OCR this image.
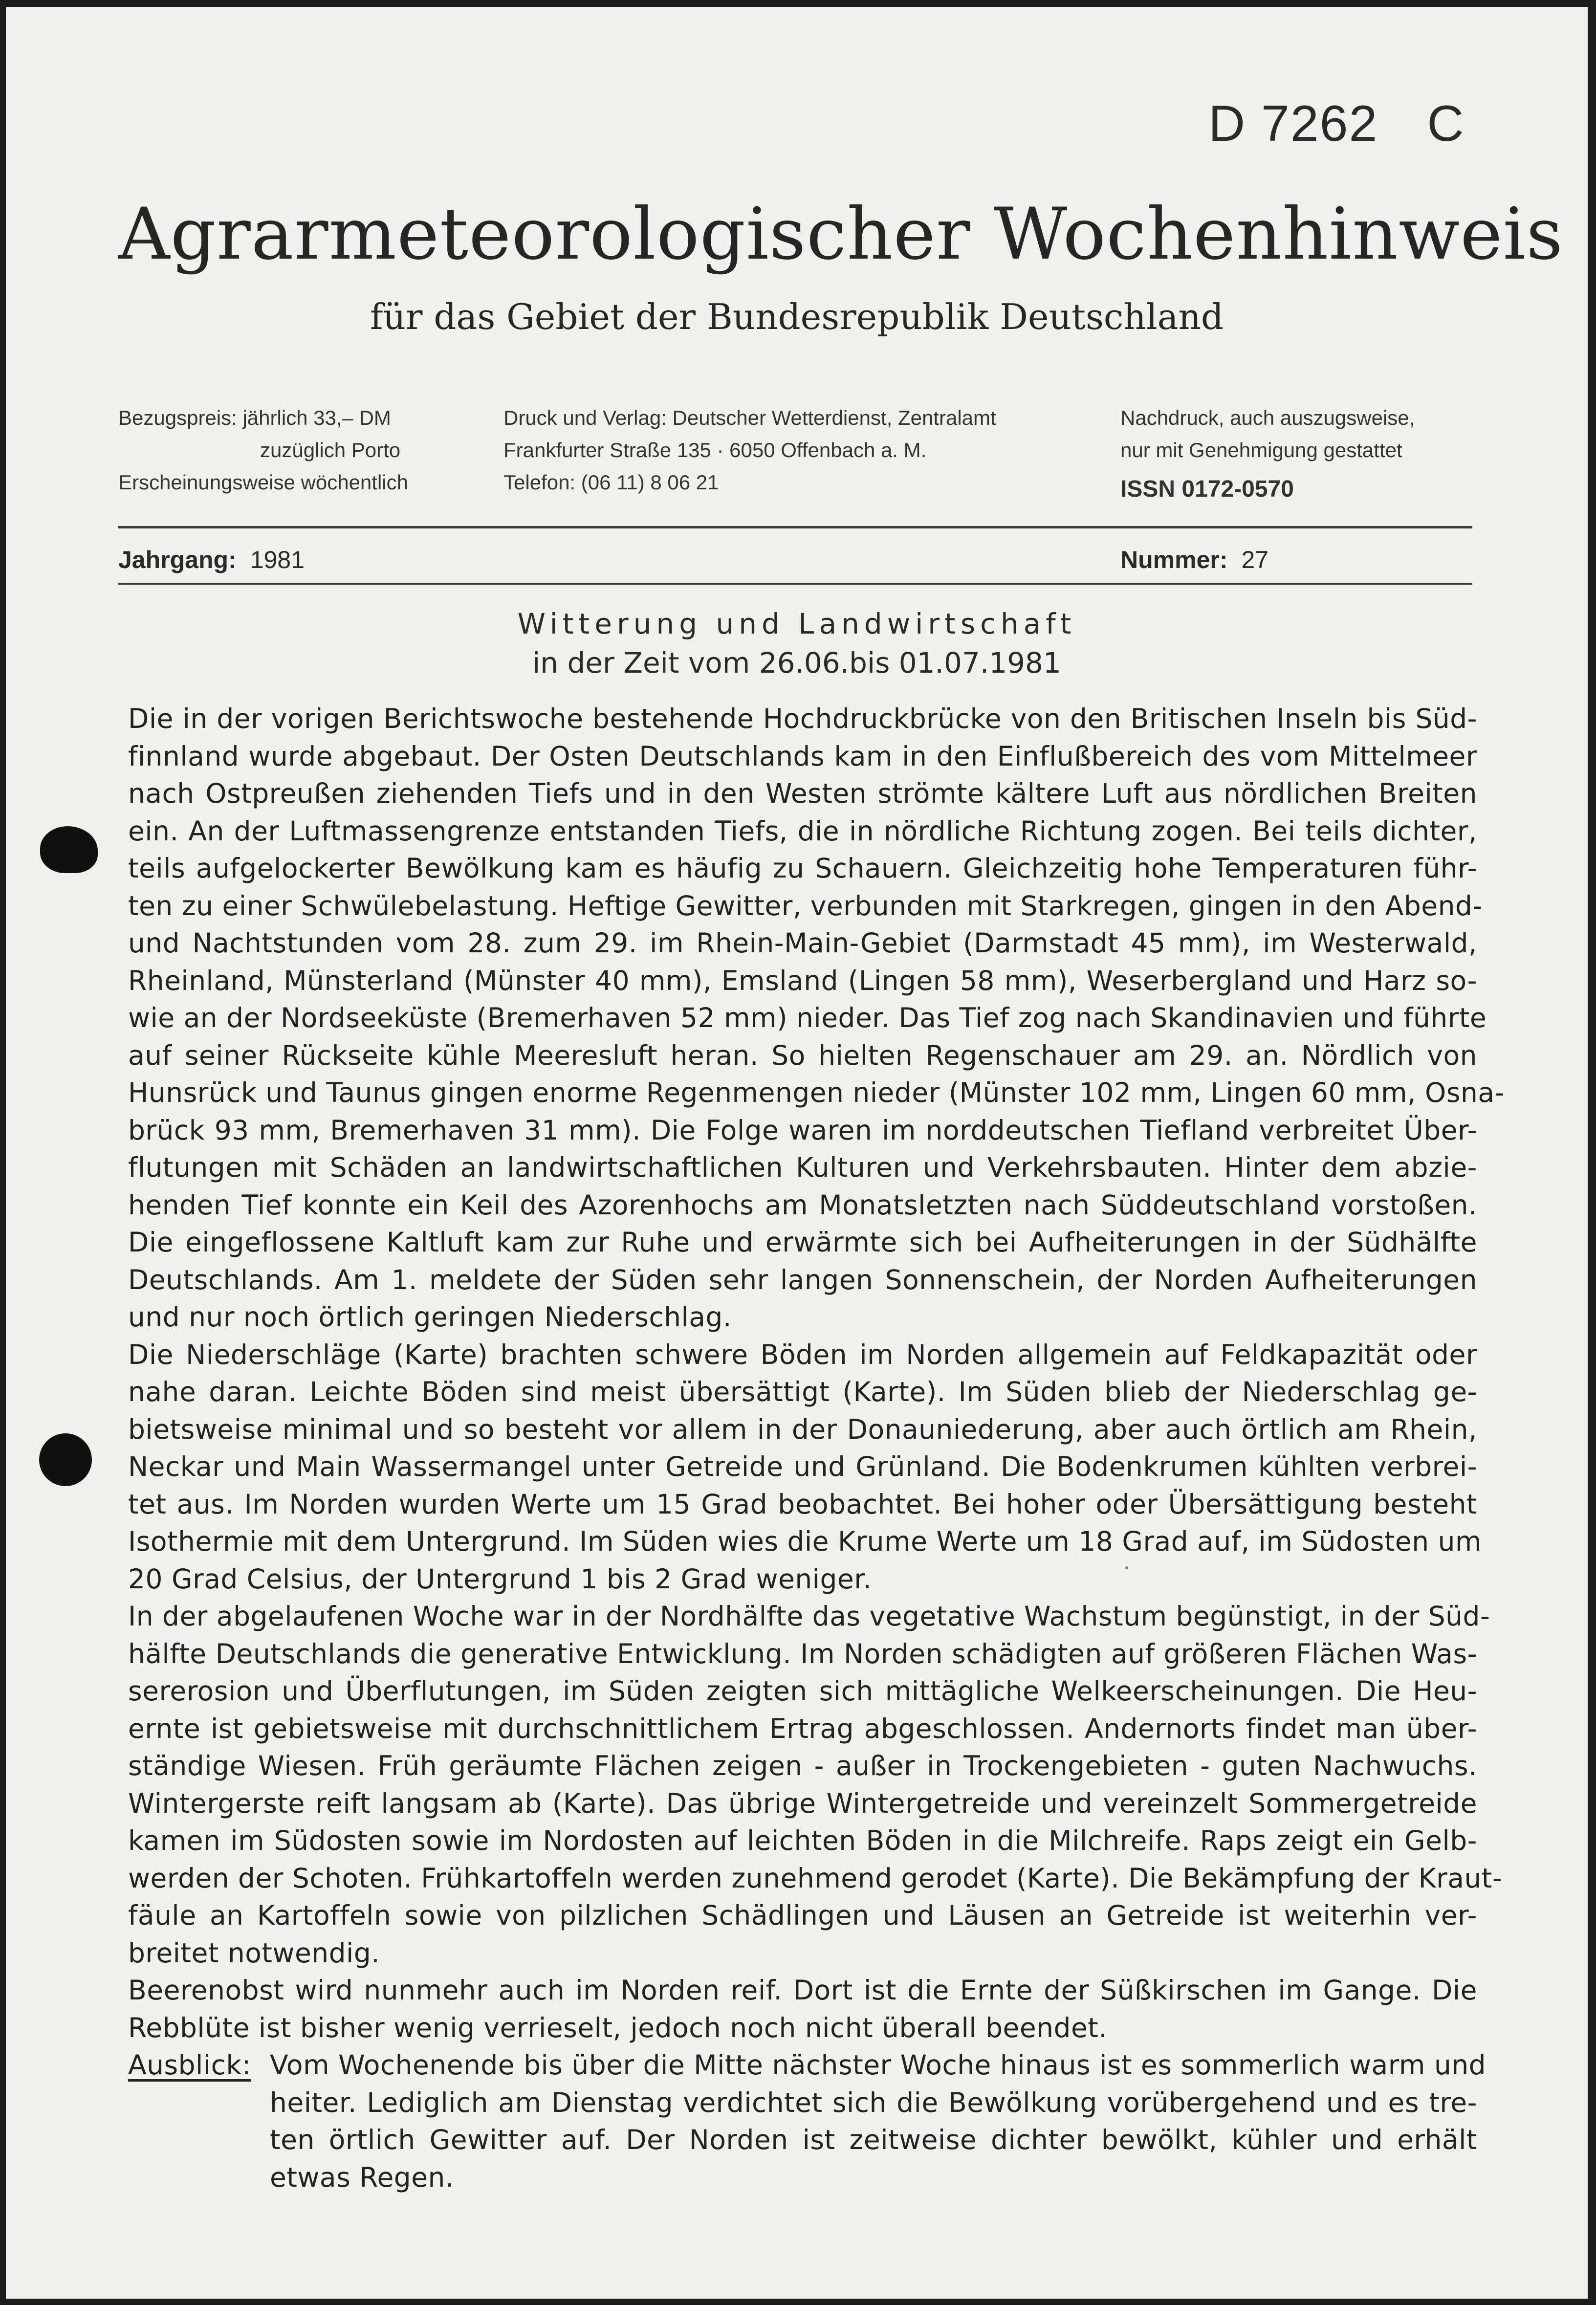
D 7262 C
Agrarmeteorologischer Wochenhinweis
für das Gebiet der Bundesrepublik Deutschland
Bezugspreis: jährlich 33,– DM
zuzüglich Porto
Erscheinungsweise wöchentlich
Druck und Verlag: Deutscher Wetterdienst, Zentralamt
Frankfurter Straße 135 · 6050 Offenbach a. M.
Telefon: (06 11) 8 06 21
Nachdruck, auch auszugsweise,
nur mit Genehmigung gestattet
ISSN 0172-0570
Jahrgang: 1981	Nummer: 27
Witterung und Landwirtschaft
in der Zeit vom 26.06.bis 01.07.1981
Die in der vorigen Berichtswoche bestehende Hochdruckbrücke von den Britischen Inseln bis Süd-
finnland wurde abgebaut. Der Osten Deutschlands kam in den Einflußbereich des vom Mittelmeer
nach Ostpreußen ziehenden Tiefs und in den Westen strömte kältere Luft aus nördlichen Breiten
ein. An der Luftmassengrenze entstanden Tiefs, die in nördliche Richtung zogen. Bei teils dichter,
teils aufgelockerter Bewölkung kam es häufig zu Schauern. Gleichzeitig hohe Temperaturen führ-
ten zu einer Schwülebelastung. Heftige Gewitter, verbunden mit Starkregen, gingen in den Abend-
und Nachtstunden vom 28. zum 29. im Rhein-Main-Gebiet (Darmstadt 45 mm), im Westerwald,
Rheinland, Münsterland (Münster 40 mm), Emsland (Lingen 58 mm), Weserbergland und Harz so-
wie an der Nordseeküste (Bremerhaven 52 mm) nieder. Das Tief zog nach Skandinavien und führte
auf seiner Rückseite kühle Meeresluft heran. So hielten Regenschauer am 29. an. Nördlich von
Hunsrück und Taunus gingen enorme Regenmengen nieder (Münster 102 mm, Lingen 60 mm, Osna-
brück 93 mm, Bremerhaven 31 mm). Die Folge waren im norddeutschen Tiefland verbreitet Über-
flutungen mit Schäden an landwirtschaftlichen Kulturen und Verkehrsbauten. Hinter dem abzie-
henden Tief konnte ein Keil des Azorenhochs am Monatsletzten nach Süddeutschland vorstoßen.
Die eingeflossene Kaltluft kam zur Ruhe und erwärmte sich bei Aufheiterungen in der Südhälfte
Deutschlands. Am 1. meldete der Süden sehr langen Sonnenschein, der Norden Aufheiterungen
und nur noch örtlich geringen Niederschlag.
Die Niederschläge (Karte) brachten schwere Böden im Norden allgemein auf Feldkapazität oder
nahe daran. Leichte Böden sind meist übersättigt (Karte). Im Süden blieb der Niederschlag ge-
bietsweise minimal und so besteht vor allem in der Donauniederung, aber auch örtlich am Rhein,
Neckar und Main Wassermangel unter Getreide und Grünland. Die Bodenkrumen kühlten verbrei-
tet aus. Im Norden wurden Werte um 15 Grad beobachtet. Bei hoher oder Übersättigung besteht
Isothermie mit dem Untergrund. Im Süden wies die Krume Werte um 18 Grad auf, im Südosten um
20 Grad Celsius, der Untergrund 1 bis 2 Grad weniger.
In der abgelaufenen Woche war in der Nordhälfte das vegetative Wachstum begünstigt, in der Süd-
hälfte Deutschlands die generative Entwicklung. Im Norden schädigten auf größeren Flächen Was-
sererosion und Überflutungen, im Süden zeigten sich mittägliche Welkeerscheinungen. Die Heu-
ernte ist gebietsweise mit durchschnittlichem Ertrag abgeschlossen. Andernorts findet man über-
ständige Wiesen. Früh geräumte Flächen zeigen - außer in Trockengebieten - guten Nachwuchs.
Wintergerste reift langsam ab (Karte). Das übrige Wintergetreide und vereinzelt Sommergetreide
kamen im Südosten sowie im Nordosten auf leichten Böden in die Milchreife. Raps zeigt ein Gelb-
werden der Schoten. Frühkartoffeln werden zunehmend gerodet (Karte). Die Bekämpfung der Kraut-
fäule an Kartoffeln sowie von pilzlichen Schädlingen und Läusen an Getreide ist weiterhin ver-
breitet notwendig.
Beerenobst wird nunmehr auch im Norden reif. Dort ist die Ernte der Süßkirschen im Gange. Die
Rebblüte ist bisher wenig verrieselt, jedoch noch nicht überall beendet.
Ausblick: Vom Wochenende bis über die Mitte nächster Woche hinaus ist es sommerlich warm und
heiter. Lediglich am Dienstag verdichtet sich die Bewölkung vorübergehend und es tre-
ten örtlich Gewitter auf. Der Norden ist zeitweise dichter bewölkt, kühler und erhält
etwas Regen.
